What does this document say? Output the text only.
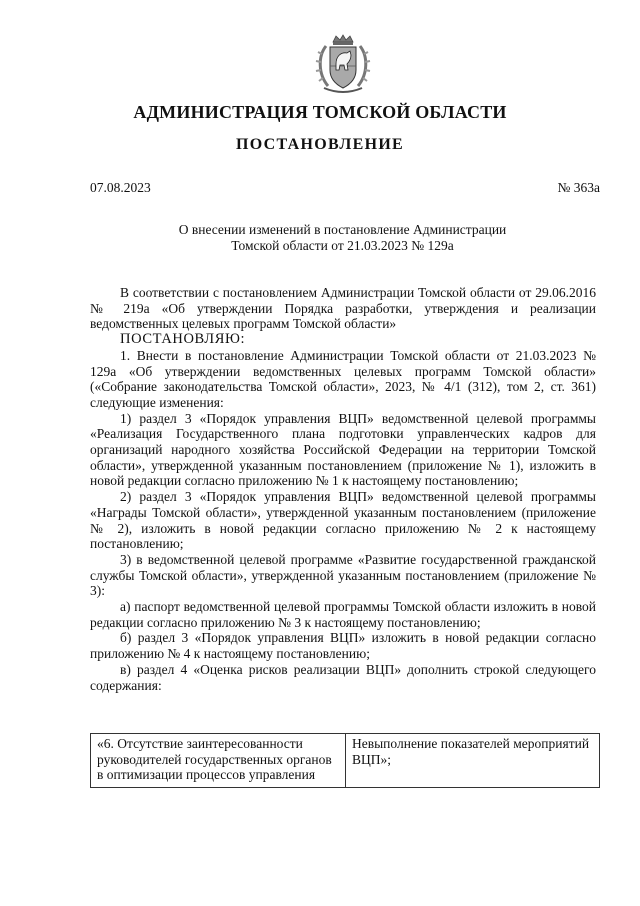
АДМИНИСТРАЦИЯ ТОМСКОЙ ОБЛАСТИ
ПОСТАНОВЛЕНИЕ
07.08.2023	№ 363а
О внесении изменений в постановление Администрации
Томской области от 21.03.2023 № 129а

В соответствии с постановлением Администрации Томской области от 29.06.2016 № 219а «Об утверждении Порядка разработки, утверждения и реализации ведомственных целевых программ Томской области»

ПОСТАНОВЛЯЮ:

1. Внести в постановление Администрации Томской области от 21.03.2023 № 129а «Об утверждении ведомственных целевых программ Томской области» («Собрание законодательства Томской области», 2023, № 4/1 (312), том 2, ст. 361) следующие изменения:

1) раздел 3 «Порядок управления ВЦП» ведомственной целевой программы «Реализация Государственного плана подготовки управленческих кадров для организаций народного хозяйства Российской Федерации на территории Томской области», утвержденной указанным постановлением (приложение № 1), изложить в новой редакции согласно приложению № 1 к настоящему постановлению;

2) раздел 3 «Порядок управления ВЦП» ведомственной целевой программы «Награды Томской области», утвержденной указанным постановлением (приложение № 2), изложить в новой редакции согласно приложению № 2 к настоящему постановлению;

3) в ведомственной целевой программе «Развитие государственной гражданской службы Томской области», утвержденной указанным постановлением (приложение № 3):

а) паспорт ведомственной целевой программы Томской области изложить в новой редакции согласно приложению № 3 к настоящему постановлению;

б) раздел 3 «Порядок управления ВЦП» изложить в новой редакции согласно приложению № 4 к настоящему постановлению;

в) раздел 4 «Оценка рисков реализации ВЦП» дополнить строкой следующего содержания:

«6. Отсутствие заинтересованности руководителей государственных органов в оптимизации процессов управления	Невыполнение показателей мероприятий ВЦП»;
